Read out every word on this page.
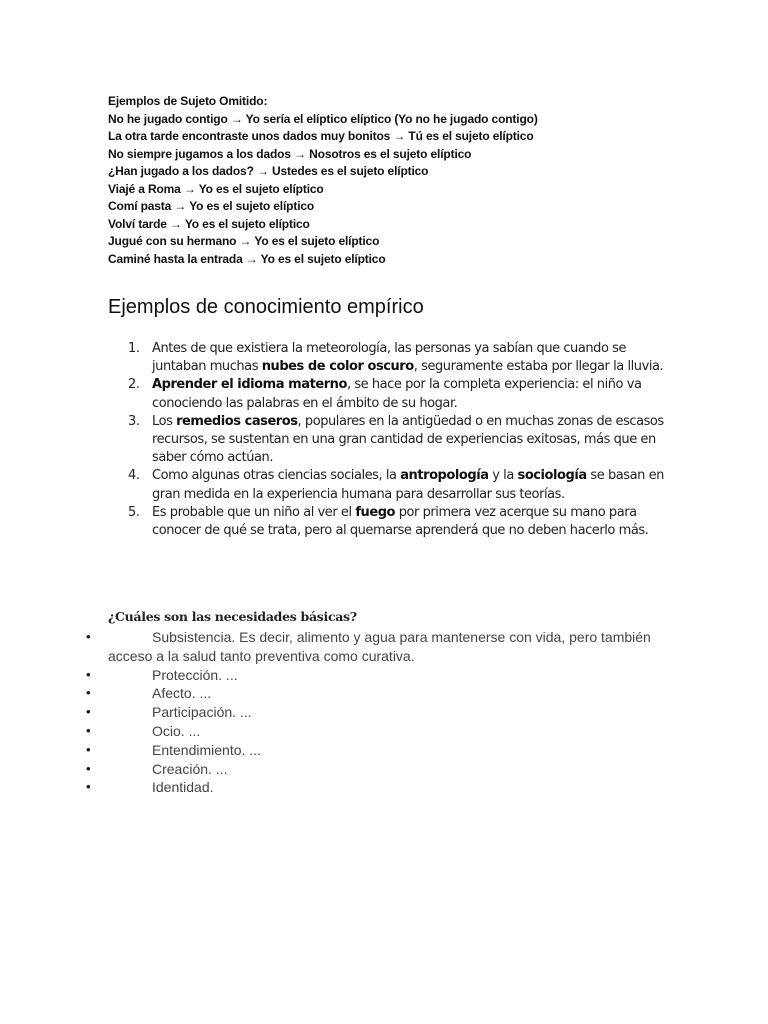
Ejemplos de Sujeto Omitido:
No he jugado contigo → Yo sería el elíptico elíptico (Yo no he jugado contigo)
La otra tarde encontraste unos dados muy bonitos → Tú es el sujeto elíptico
No siempre jugamos a los dados → Nosotros es el sujeto elíptico
¿Han jugado a los dados? → Ustedes es el sujeto elíptico
Viajé a Roma → Yo es el sujeto elíptico
Comí pasta → Yo es el sujeto elíptico
Volví tarde → Yo es el sujeto elíptico
Jugué con su hermano → Yo es el sujeto elíptico
Caminé hasta la entrada → Yo es el sujeto elíptico
Ejemplos de conocimiento empírico
1. Antes de que existiera la meteorología, las personas ya sabían que cuando se juntaban muchas nubes de color oscuro, seguramente estaba por llegar la lluvia.
2. Aprender el idioma materno, se hace por la completa experiencia: el niño va conociendo las palabras en el ámbito de su hogar.
3. Los remedios caseros, populares en la antigüedad o en muchas zonas de escasos recursos, se sustentan en una gran cantidad de experiencias exitosas, más que en saber cómo actúan.
4. Como algunas otras ciencias sociales, la antropología y la sociología se basan en gran medida en la experiencia humana para desarrollar sus teorías.
5. Es probable que un niño al ver el fuego por primera vez acerque su mano para conocer de qué se trata, pero al quemarse aprenderá que no deben hacerlo más.
¿Cuáles son las necesidades básicas?
•	Subsistencia. Es decir, alimento y agua para mantenerse con vida, pero también acceso a la salud tanto preventiva como curativa.
•	Protección. ...
•	Afecto. ...
•	Participación. ...
•	Ocio. ...
•	Entendimiento. ...
•	Creación. ...
•	Identidad.
